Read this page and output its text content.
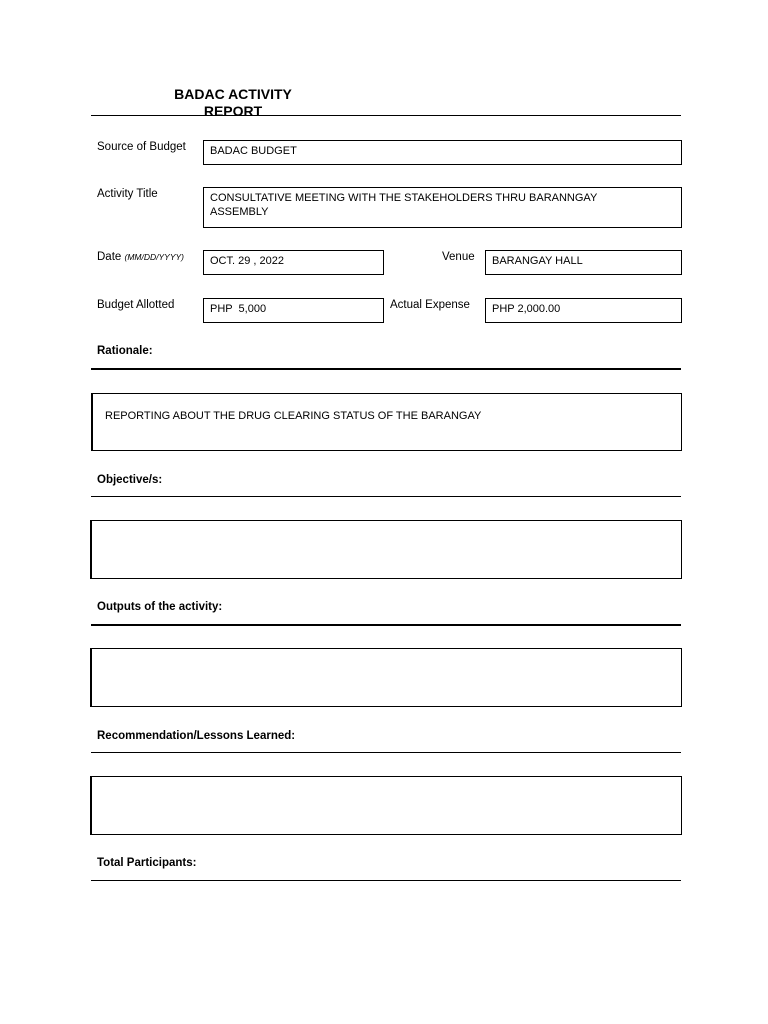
BADAC ACTIVITY REPORT
Source of Budget	BADAC BUDGET
Activity Title	CONSULTATIVE MEETING WITH THE STAKEHOLDERS THRU BARANNGAY ASSEMBLY
Date (MM/DD/YYYY)	OCT. 29 , 2022	Venue	BARANGAY HALL
Budget Allotted	PHP  5,000	Actual Expense	PHP 2,000.00
Rationale:
REPORTING ABOUT THE DRUG CLEARING STATUS OF THE BARANGAY
Objective/s:
Outputs of the activity:
Recommendation/Lessons Learned:
Total Participants:
